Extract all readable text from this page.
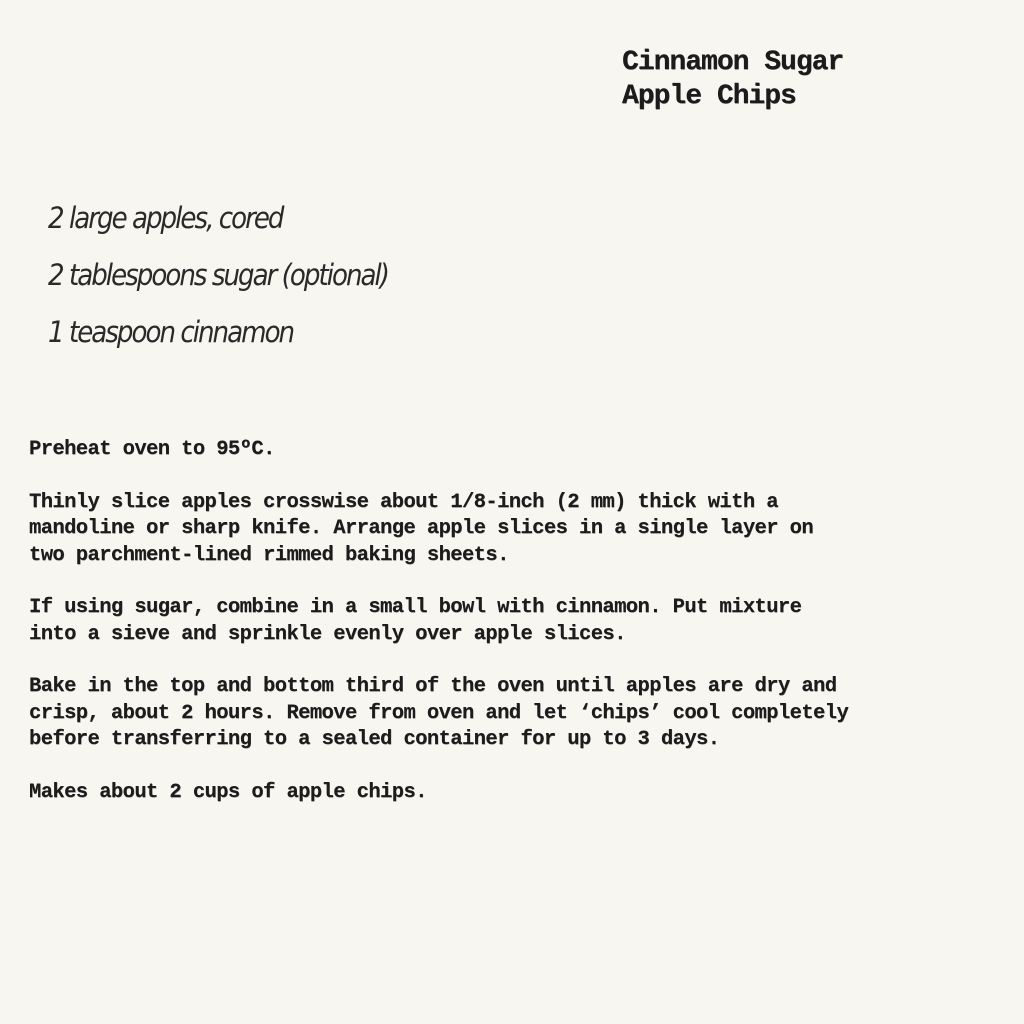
Cinnamon Sugar
Apple Chips
2 large apples, cored
2 tablespoons sugar (optional)
1 teaspoon cinnamon

Preheat oven to 95ºC.

Thinly slice apples crosswise about 1/8-inch (2 mm) thick with a
mandoline or sharp knife. Arrange apple slices in a single layer on
two parchment-lined rimmed baking sheets.

If using sugar, combine in a small bowl with cinnamon. Put mixture
into a sieve and sprinkle evenly over apple slices.

Bake in the top and bottom third of the oven until apples are dry and
crisp, about 2 hours. Remove from oven and let ‘chips’ cool completely
before transferring to a sealed container for up to 3 days.

Makes about 2 cups of apple chips.
